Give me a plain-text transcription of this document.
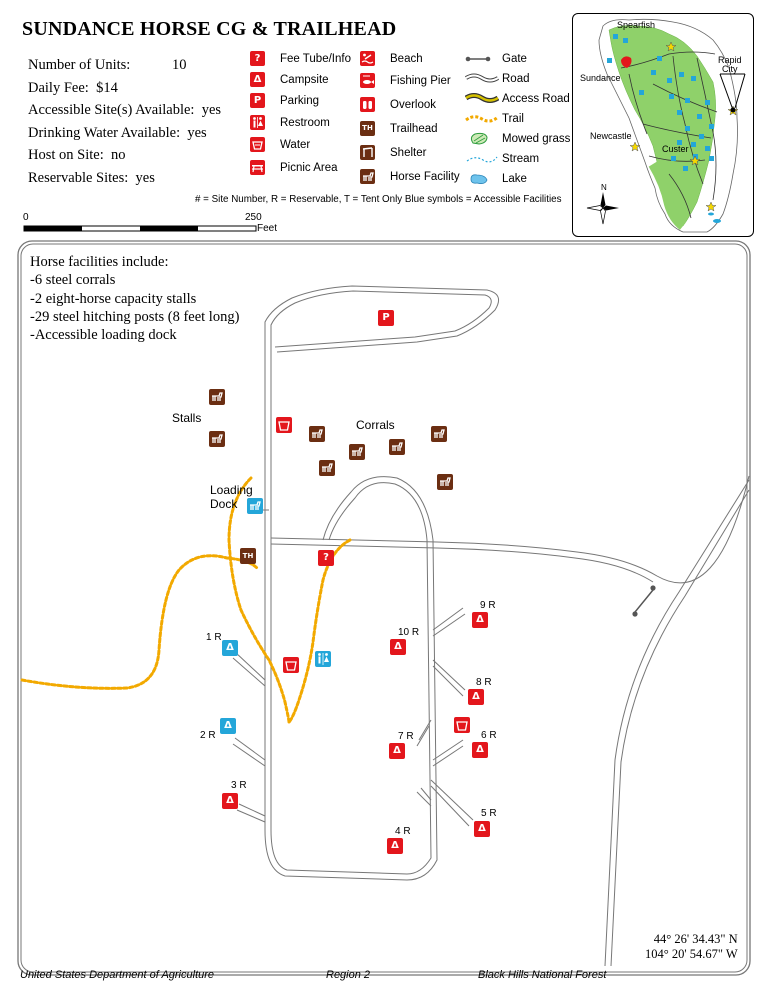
SUNDANCE HORSE CG & TRAILHEAD
Number of Units:	10
Daily Fee: $14
Accessible Site(s) Available: yes
Drinking Water Available: yes
Host on Site: no
Reservable Sites: yes
?	Fee Tube/Info
Δ	Campsite
P	Parking
Restroom
Water
Picnic Area
Beach
Fishing Pier
Overlook
TH Trailhead
Shelter
Horse Facility
Gate
Road
Access Road
Trail
Mowed grass
Stream
Lake
# = Site Number, R = Reservable, T = Tent Only Blue symbols = Accessible Facilities
0	250
Feet
Spearfish
Sundance
Rapid
City
Newcastle
Custer
N
Horse facilities include:
-6 steel corrals
-2 eight-horse capacity stalls
-29 steel hitching posts (8 feet long)
-Accessible loading dock
Stalls	Corrals
Loading
Dock
P
?
TH
Δ
1 R
Δ
2 R
Δ
3 R
Δ
4 R	Δ
5 R
Δ
6 R
Δ
7 R
Δ
8 R
Δ
9 R
Δ
10 R
44° 26' 34.43" N
104° 20' 54.67" W
United States Department of Agriculture	Region 2	Black Hills National Forest
